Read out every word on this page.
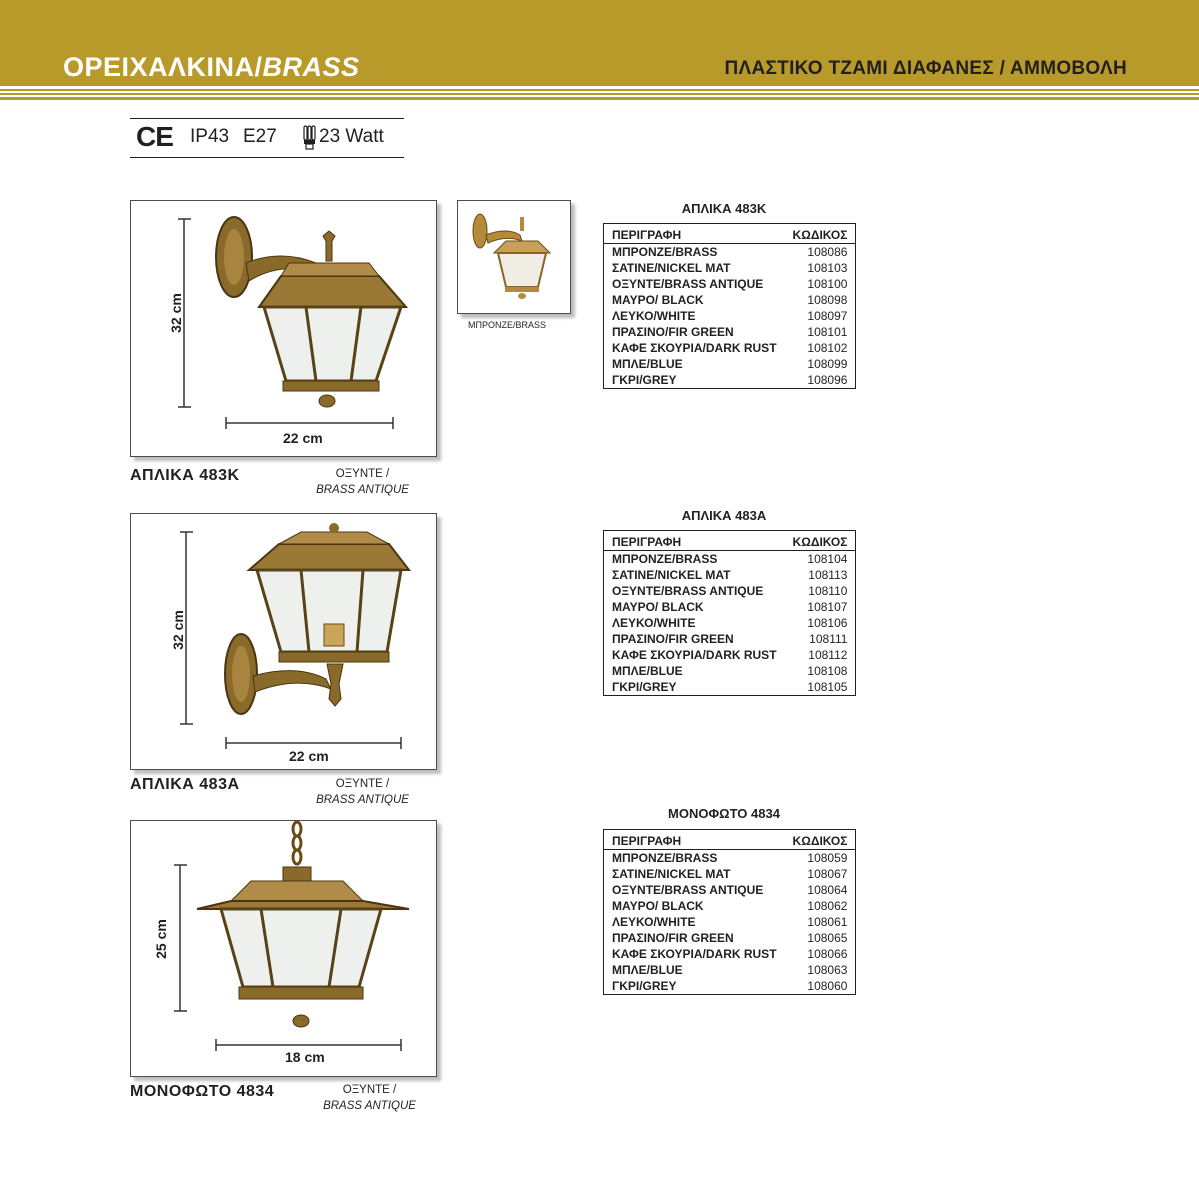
ΟΡΕΙΧΑΛΚΙΝΑ/BRASS	ΠΛΑΣΤΙΚΟ ΤΖΑΜΙ ΔΙΑΦΑΝΕΣ / ΑΜΜΟΒΟΛΗ
CE IP43 E27 23 Watt
32 cm
22 cm
ΜΠΡΟΝΖΕ/BRASS
ΑΠΛΙΚΑ 483Κ	ΟΞΥΝΤΕ /
BRASS ANTIQUE
ΑΠΛΙΚΑ 483Κ
ΠΕΡΙΓΡΑΦΗ	ΚΩΔΙΚΟΣ
ΜΠΡΟΝΖΕ/BRASS	108086
ΣΑΤΙΝΕ/NICKEL MAT	108103
ΟΞΥΝΤΕ/BRASS ANTIQUE	108100
ΜΑΥΡΟ/ BLACK	108098
ΛΕΥΚΟ/WHITE	108097
ΠΡΑΣΙΝΟ/FIR GREEN	108101
ΚΑΦΕ ΣΚΟΥΡΙΑ/DARK RUST	108102
ΜΠΛΕ/BLUE	108099
ΓΚΡΙ/GREY	108096
32 cm
22 cm
ΑΠΛΙΚΑ 483Α	ΟΞΥΝΤΕ /
BRASS ANTIQUE
ΑΠΛΙΚΑ 483Α
ΠΕΡΙΓΡΑΦΗ	ΚΩΔΙΚΟΣ
ΜΠΡΟΝΖΕ/BRASS	108104
ΣΑΤΙΝΕ/NICKEL MAT	108113
ΟΞΥΝΤΕ/BRASS ANTIQUE	108110
ΜΑΥΡΟ/ BLACK	108107
ΛΕΥΚΟ/WHITE	108106
ΠΡΑΣΙΝΟ/FIR GREEN	108111
ΚΑΦΕ ΣΚΟΥΡΙΑ/DARK RUST	108112
ΜΠΛΕ/BLUE	108108
ΓΚΡΙ/GREY	108105
25 cm
18 cm
ΜΟΝΟΦΩΤΟ 4834	ΟΞΥΝΤΕ /
BRASS ANTIQUE
ΜΟΝΟΦΩΤΟ 4834
ΠΕΡΙΓΡΑΦΗ	ΚΩΔΙΚΟΣ
ΜΠΡΟΝΖΕ/BRASS	108059
ΣΑΤΙΝΕ/NICKEL MAT	108067
ΟΞΥΝΤΕ/BRASS ANTIQUE	108064
ΜΑΥΡΟ/ BLACK	108062
ΛΕΥΚΟ/WHITE	108061
ΠΡΑΣΙΝΟ/FIR GREEN	108065
ΚΑΦΕ ΣΚΟΥΡΙΑ/DARK RUST	108066
ΜΠΛΕ/BLUE	108063
ΓΚΡΙ/GREY	108060
